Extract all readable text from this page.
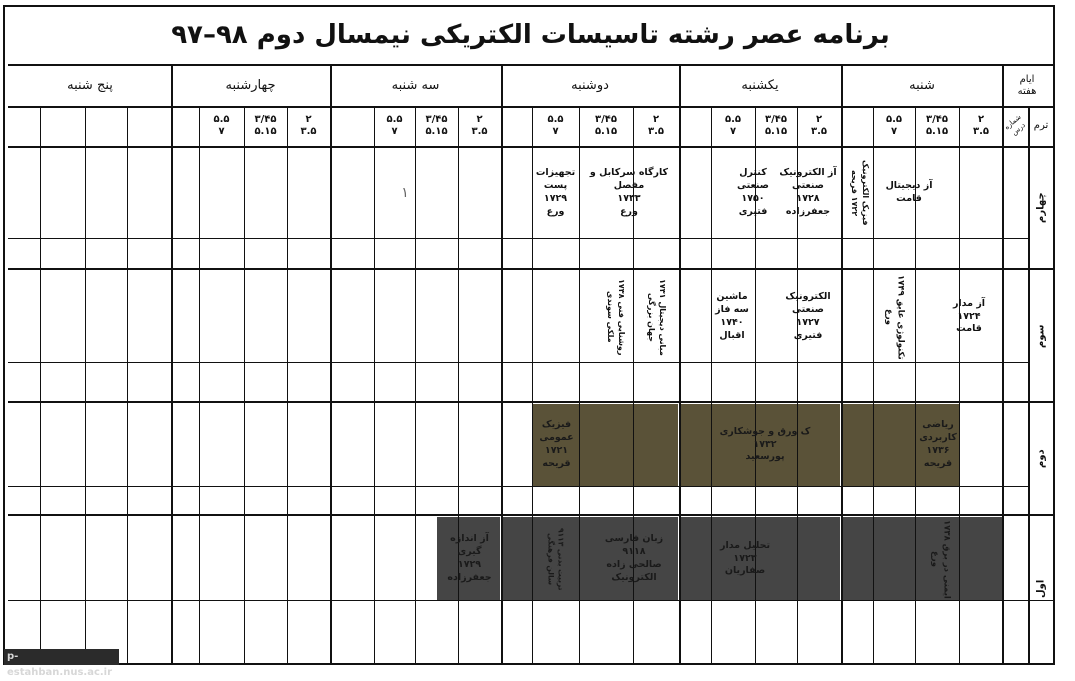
برنامه عصر رشته تاسیسات الکتریکی نیمسال دوم ۹۸–۹۷
ایام
هفته
ترم
شماره
درس
شنبه
یکشنبه
دوشنبه
سه شنبه
چهارشنبه
پنج شنبه
۲
۳.۵
۳/۴۵
۵.۱۵
۵.۵
۷
۲
۳.۵
۳/۴۵
۵.۱۵
۵.۵
۷
۲
۳.۵
۳/۴۵
۵.۱۵
۵.۵
۷
۲
۳.۵
۳/۴۵
۵.۱۵
۵.۵
۷
۲
۳.۵
۳/۴۵
۵.۱۵
۵.۵
۷
چهارم
سوم
دوم
اول
آز دیجیتال
قامت
فیزیک الکترونیک ۱۷۲۲ قریحه
آز الکترونیک
صنعتی
۱۷۲۸
جعفرزاده
کنترل
صنعتی
۱۷۵۰
فتیری
کارگاه سرکابل و مفصل
۱۷۳۳
ورع
تجهیزات
پست
۱۷۲۹
ورع
۱
آز مدار
۱۷۲۴
قامت
تکنولوژی عایق ۱۷۴۹ ورع
الکترونیک
صنعتی
۱۷۲۷
فتیری
ماشین
سه فاز
۱۷۴۰
اقبال
مبانی دیجیتال ۱۷۳۱ جهان بزرگی
روشنایی فنی ۱۷۳۸ ملکی سوندی
ریاضی
کاربردی
۱۷۳۶
قریحه
ک ورق و جوشکاری
۱۷۳۲
پورسعید
فیزیک
عمومی
۱۷۲۱
قریحه
ایمنی در برق ۱۷۳۸ ورع
تحلیل مدار
۱۷۲۳
صفاریان
زبان فارسی
۹۱۱۸
صالحی زاده
الکترونیک
تربیت بدنی ۹۱۱۳ سالن فرهنگی
آز اندازه
گیری
۱۷۲۹
جعفرزاده
p-estahban.nus.ac.ir
